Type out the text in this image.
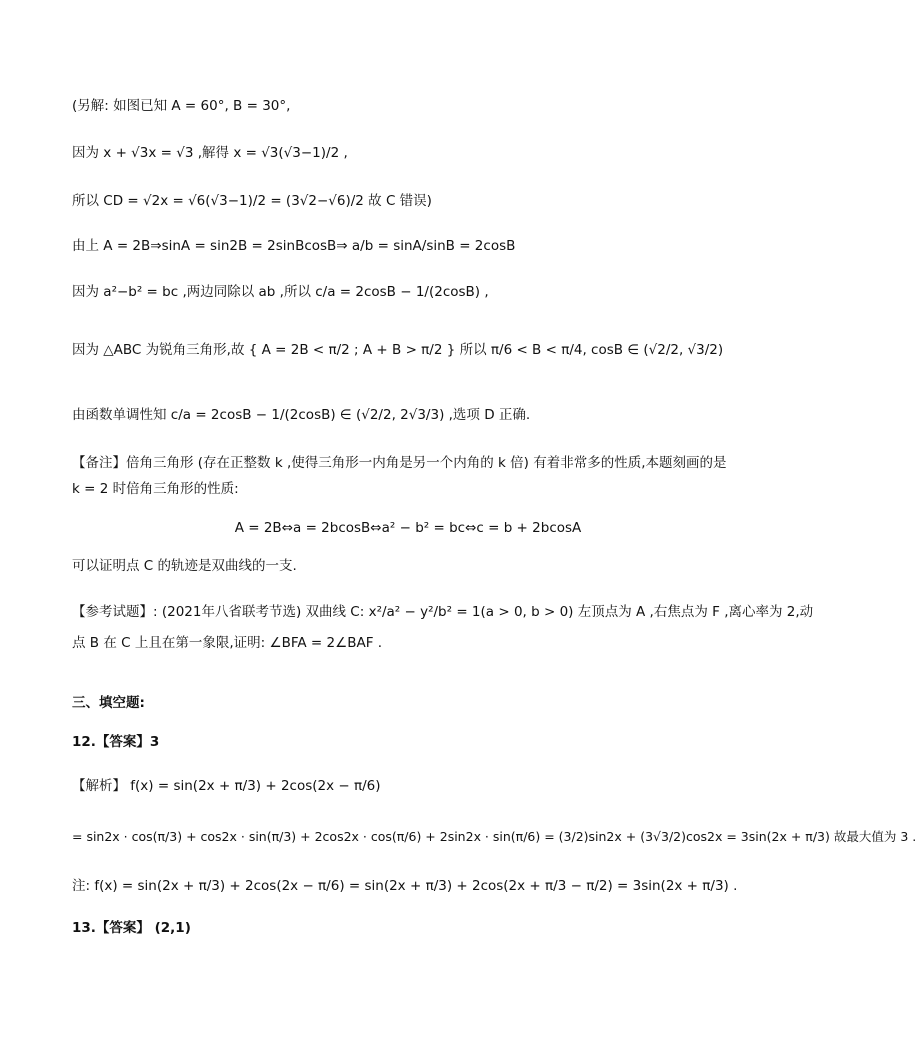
(另解: 如图已知 A = 60°, B = 30°,
因为 x + √3x = √3 ,解得 x = √3(√3−1)/2 ,
所以 CD = √2x = √6(√3−1)/2 = (3√2−√6)/2 故 C 错误)
由上 A = 2B⇒sinA = sin2B = 2sinBcosB⇒ a/b = sinA/sinB = 2cosB
因为 a²−b² = bc ,两边同除以 ab ,所以 c/a = 2cosB − 1/(2cosB) ,
因为 △ABC 为锐角三角形,故 { A = 2B < π/2 ; A + B > π/2 } 所以 π/6 < B < π/4, cosB ∈ (√2/2, √3/2)
由函数单调性知 c/a = 2cosB − 1/(2cosB) ∈ (√2/2, 2√3/3) ,选项 D 正确.
【备注】倍角三角形 (存在正整数 k ,使得三角形一内角是另一个内角的 k 倍) 有着非常多的性质,本题刻画的是
k = 2 时倍角三角形的性质:
A = 2B⇔a = 2bcosB⇔a² − b² = bc⇔c = b + 2bcosA
可以证明点 C 的轨迹是双曲线的一支.
【参考试题】: (2021年八省联考节选) 双曲线 C: x²/a² − y²/b² = 1(a > 0, b > 0) 左顶点为 A ,右焦点为 F ,离心率为 2,动
点 B 在 C 上且在第一象限,证明: ∠BFA = 2∠BAF .
三、填空题:
12.【答案】3
【解析】 f(x) = sin(2x + π/3) + 2cos(2x − π/6)
= sin2x · cos(π/3) + cos2x · sin(π/3) + 2cos2x · cos(π/6) + 2sin2x · sin(π/6) = (3/2)sin2x + (3√3/2)cos2x = 3sin(2x + π/3) 故最大值为 3 .
注: f(x) = sin(2x + π/3) + 2cos(2x − π/6) = sin(2x + π/3) + 2cos(2x + π/3 − π/2) = 3sin(2x + π/3) .
13.【答案】 (2,1)
